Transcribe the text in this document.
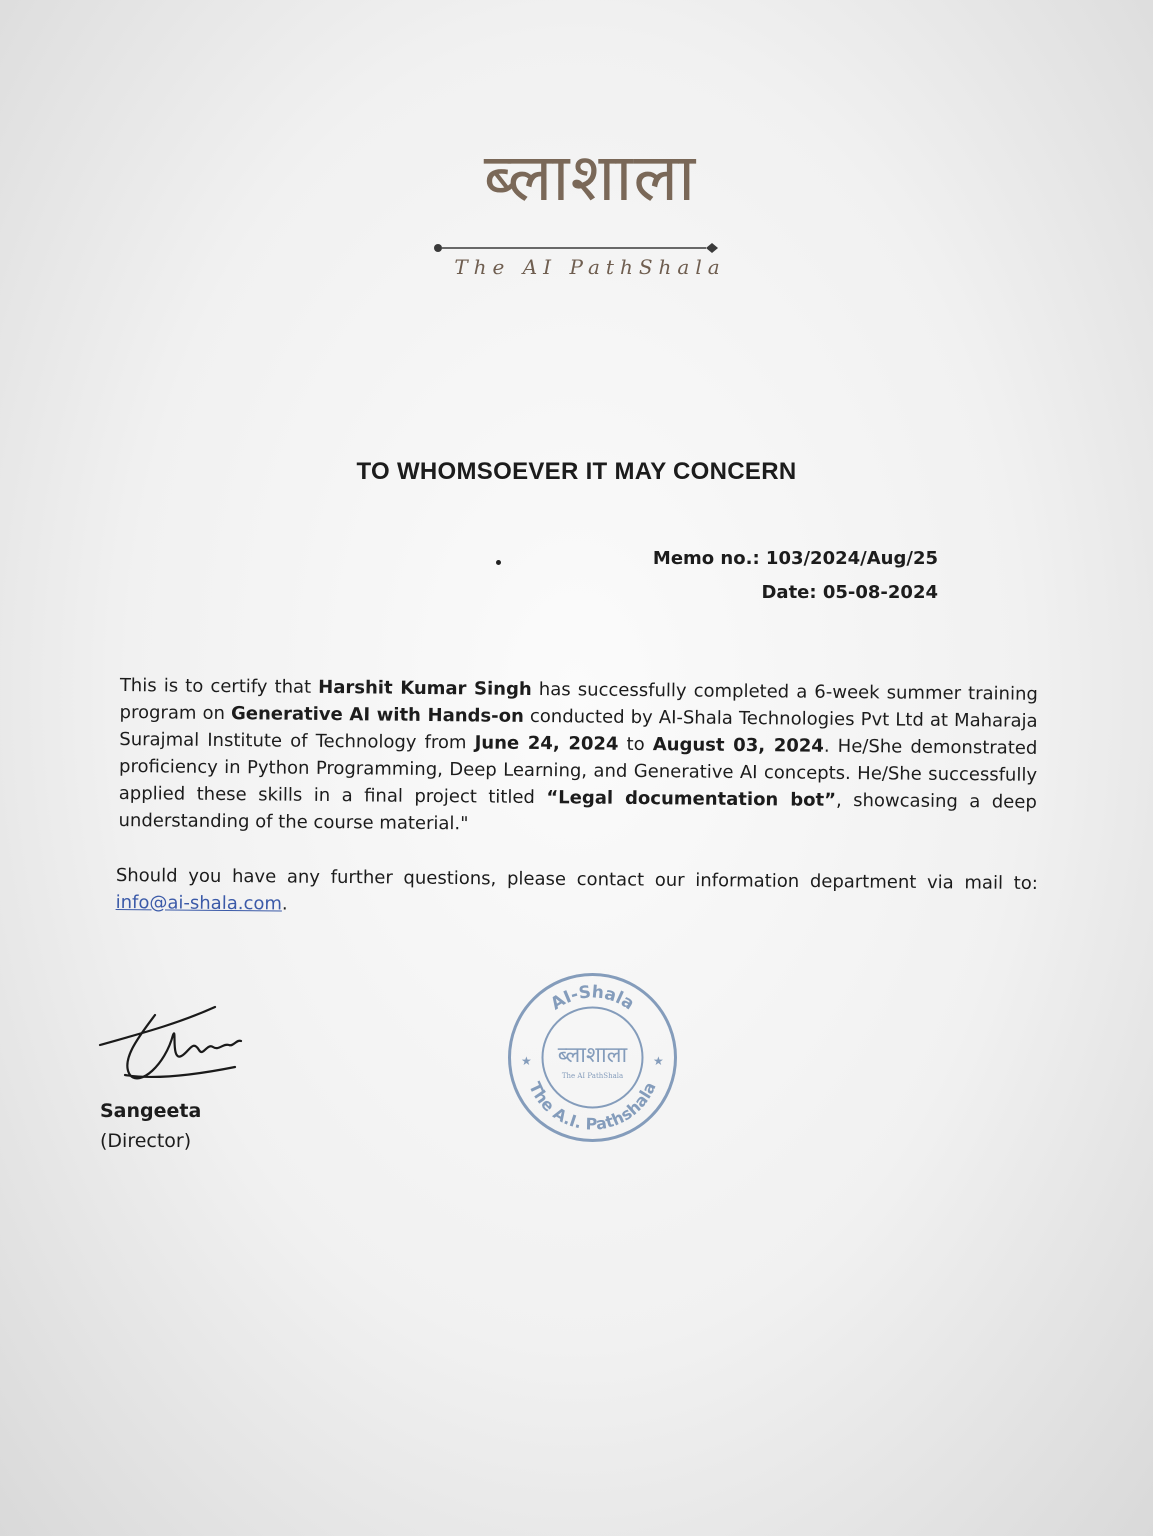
ब्लाशाला
The AI PathShala
TO WHOMSOEVER IT MAY CONCERN
Memo no.: 103/2024/Aug/25
Date: 05-08-2024
This is to certify that Harshit Kumar Singh has successfully completed a 6-week summer training program on Generative AI with Hands-on conducted by AI-Shala Technologies Pvt Ltd at Maharaja Surajmal Institute of Technology from June 24, 2024 to August 03, 2024. He/She demonstrated proficiency in Python Programming, Deep Learning, and Generative AI concepts. He/She successfully applied these skills in a final project titled “Legal documentation bot”, showcasing a deep understanding of the course material."
Should you have any further questions, please contact our information department via mail to: info@ai-shala.com.
Sangeeta
(Director)
AI-Shala
The A.I. Pathshala
ब्लाशाला
The AI PathShala
★	★
